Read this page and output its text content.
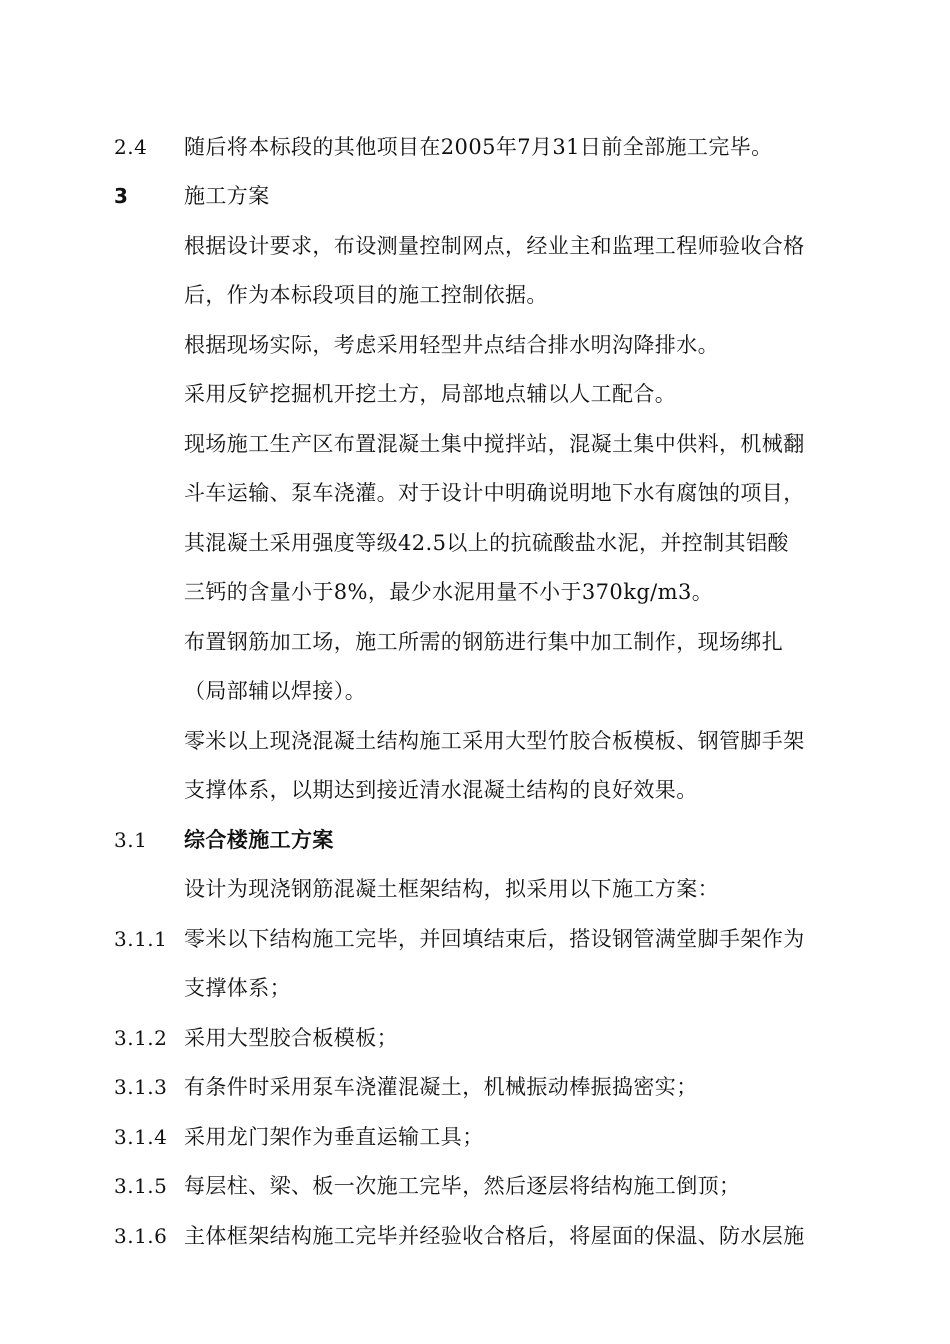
2.4 随后将本标段的其他项目在2005年7月31日前全部施工完毕。
3	施工方案
根据设计要求，布设测量控制网点，经业主和监理工程师验收合格
后，作为本标段项目的施工控制依据。
根据现场实际，考虑采用轻型井点结合排水明沟降排水。
采用反铲挖掘机开挖土方，局部地点辅以人工配合。
现场施工生产区布置混凝土集中搅拌站，混凝土集中供料，机械翻
斗车运输、泵车浇灌。对于设计中明确说明地下水有腐蚀的项目，
其混凝土采用强度等级42.5以上的抗硫酸盐水泥，并控制其铝酸
三钙的含量小于8%，最少水泥用量不小于370kg/m3。
布置钢筋加工场，施工所需的钢筋进行集中加工制作，现场绑扎
（局部辅以焊接）。
零米以上现浇混凝土结构施工采用大型竹胶合板模板、钢管脚手架
支撑体系，以期达到接近清水混凝土结构的良好效果。
3.1 综合楼施工方案
设计为现浇钢筋混凝土框架结构，拟采用以下施工方案：
3.1.1 零米以下结构施工完毕，并回填结束后，搭设钢管满堂脚手架作为
支撑体系；
3.1.2 采用大型胶合板模板；
3.1.3 有条件时采用泵车浇灌混凝土，机械振动棒振捣密实；
3.1.4 采用龙门架作为垂直运输工具；
3.1.5 每层柱、梁、板一次施工完毕，然后逐层将结构施工倒顶；
3.1.6 主体框架结构施工完毕并经验收合格后，将屋面的保温、防水层施
